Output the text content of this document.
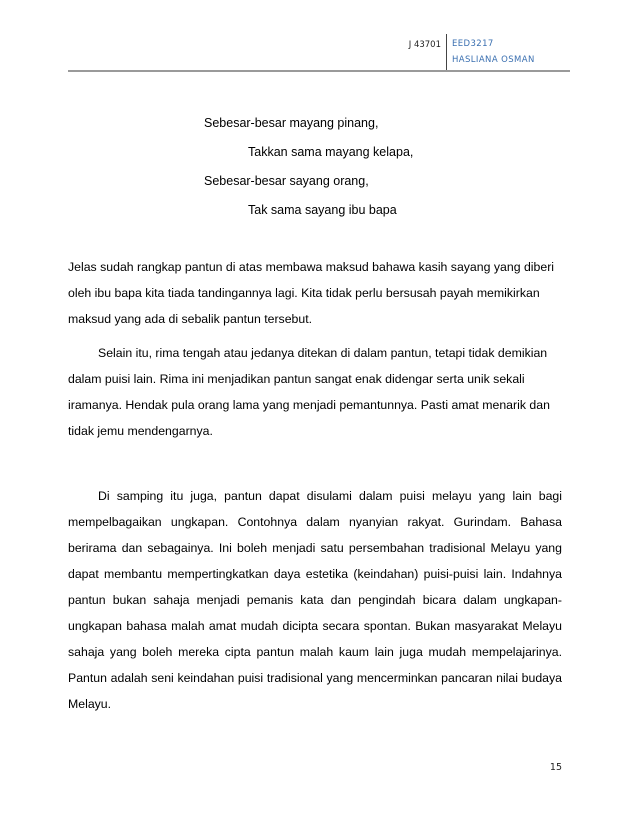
J 43701 EED3217
HASLIANA OSMAN
Sebesar-besar mayang pinang,
Takkan sama mayang kelapa,
Sebesar-besar sayang orang,
Tak sama sayang ibu bapa

Jelas sudah rangkap pantun di atas membawa maksud bahawa kasih sayang yang diberi oleh ibu bapa kita tiada tandingannya lagi. Kita tidak perlu bersusah payah memikirkan maksud yang ada di sebalik pantun tersebut.

Selain itu, rima tengah atau jedanya ditekan di dalam pantun, tetapi tidak demikian dalam puisi lain. Rima ini menjadikan pantun sangat enak didengar serta unik sekali iramanya. Hendak pula orang lama yang menjadi pemantunnya. Pasti amat menarik dan tidak jemu mendengarnya.

Di samping itu juga, pantun dapat disulami dalam puisi melayu yang lain bagi mempelbagaikan ungkapan. Contohnya dalam nyanyian rakyat. Gurindam. Bahasa berirama dan sebagainya. Ini boleh menjadi satu persembahan tradisional Melayu yang dapat membantu mempertingkatkan daya estetika (keindahan) puisi-puisi lain. Indahnya pantun bukan sahaja menjadi pemanis kata dan pengindah bicara dalam ungkapan-ungkapan bahasa malah amat mudah dicipta secara spontan. Bukan masyarakat Melayu sahaja yang boleh mereka cipta pantun malah kaum lain juga mudah mempelajarinya. Pantun adalah seni keindahan puisi tradisional yang mencerminkan pancaran nilai budaya Melayu.

15
